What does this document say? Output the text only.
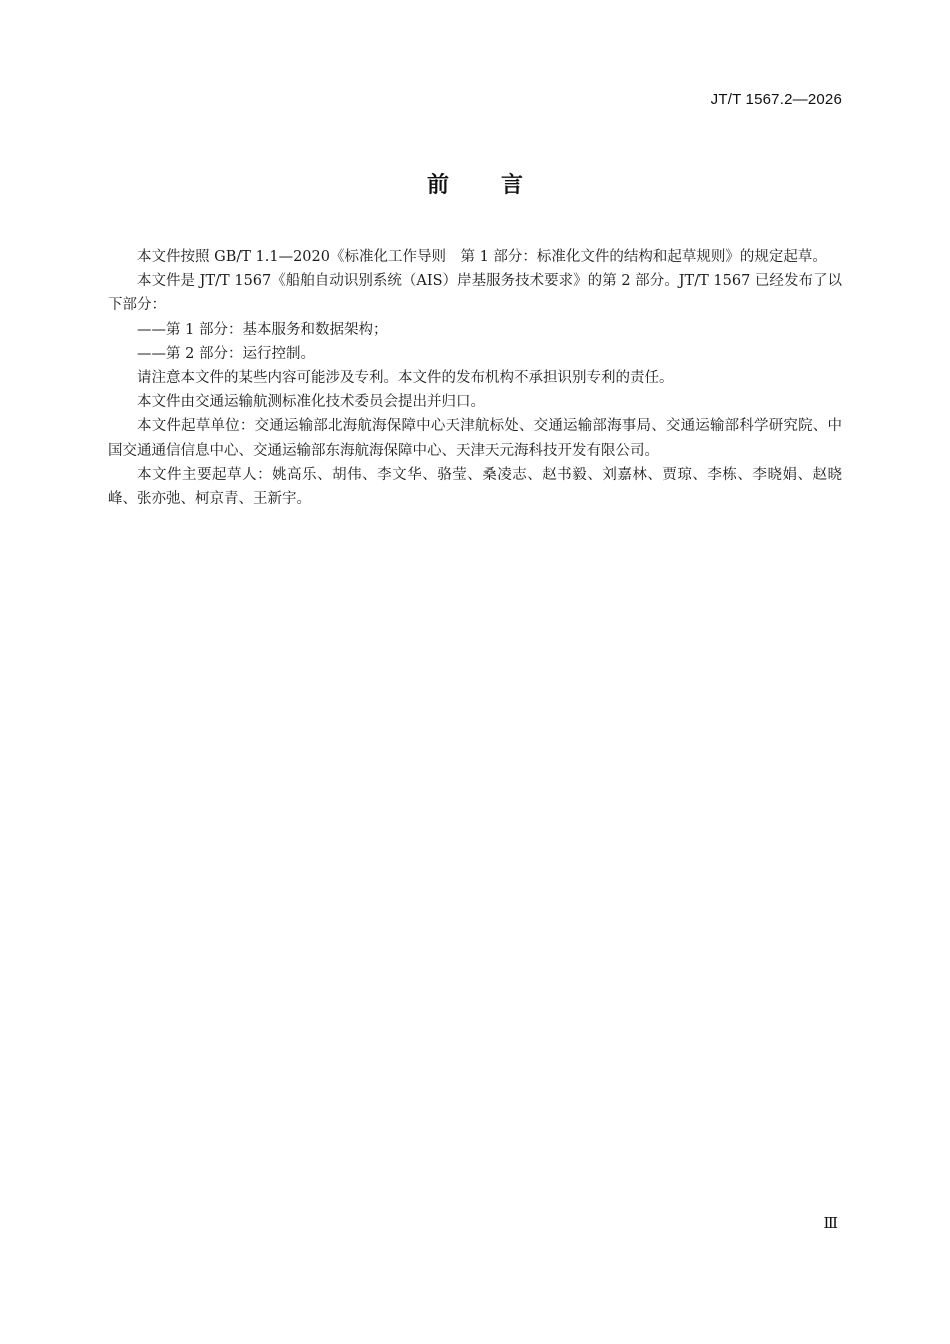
JT/T 1567.2—2026
前 言

本文件按照 GB/T 1.1—2020《标准化工作导则　第 1 部分：标准化文件的结构和起草规则》的规定起草。

本文件是 JT/T 1567《船舶自动识别系统（AIS）岸基服务技术要求》的第 2 部分。JT/T 1567 已经发布了以下部分：

——第 1 部分：基本服务和数据架构；

——第 2 部分：运行控制。

请注意本文件的某些内容可能涉及专利。本文件的发布机构不承担识别专利的责任。

本文件由交通运输航测标准化技术委员会提出并归口。

本文件起草单位：交通运输部北海航海保障中心天津航标处、交通运输部海事局、交通运输部科学研究院、中国交通通信信息中心、交通运输部东海航海保障中心、天津天元海科技开发有限公司。

本文件主要起草人：姚高乐、胡伟、李文华、骆莹、桑凌志、赵书毅、刘嘉林、贾琼、李栋、李晓娟、赵晓峰、张亦弛、柯京青、王新宇。

Ⅲ
